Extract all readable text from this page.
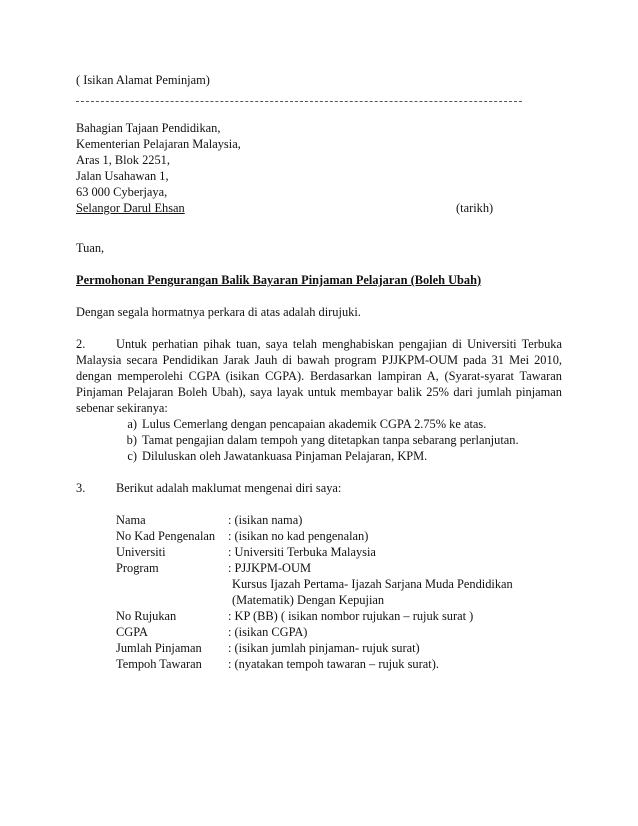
( Isikan Alamat Peminjam)
Bahagian Tajaan Pendidikan,
Kementerian Pelajaran Malaysia,
Aras 1, Blok 2251,
Jalan Usahawan 1,
63 000 Cyberjaya,
Selangor Darul Ehsan	(tarikh)
Tuan,
Permohonan Pengurangan Balik Bayaran Pinjaman Pelajaran (Boleh Ubah)
Dengan segala hormatnya perkara di atas adalah dirujuki.
2. Untuk perhatian pihak tuan, saya telah menghabiskan pengajian di Universiti Terbuka
Malaysia secara Pendidikan Jarak Jauh di bawah program PJJKPM-OUM pada 31 Mei 2010,
dengan memperolehi CGPA (isikan CGPA). Berdasarkan lampiran A, (Syarat-syarat Tawaran
Pinjaman Pelajaran Boleh Ubah), saya layak untuk membayar balik 25% dari jumlah pinjaman
sebenar sekiranya:
a) Lulus Cemerlang dengan pencapaian akademik CGPA 2.75% ke atas.
b) Tamat pengajian dalam tempoh yang ditetapkan tanpa sebarang perlanjutan.
c) Diluluskan oleh Jawatankuasa Pinjaman Pelajaran, KPM.
3. Berikut adalah maklumat mengenai diri saya:
Nama	: (isikan nama)
No Kad Pengenalan : (isikan no kad pengenalan)
Universiti	: Universiti Terbuka Malaysia
Program	: PJJKPM-OUM
Kursus Ijazah Pertama- Ijazah Sarjana Muda Pendidikan
(Matematik) Dengan Kepujian
No Rujukan	: KP (BB) ( isikan nombor rujukan – rujuk surat )
CGPA	: (isikan CGPA)
Jumlah Pinjaman : (isikan jumlah pinjaman- rujuk surat)
Tempoh Tawaran : (nyatakan tempoh tawaran – rujuk surat).
